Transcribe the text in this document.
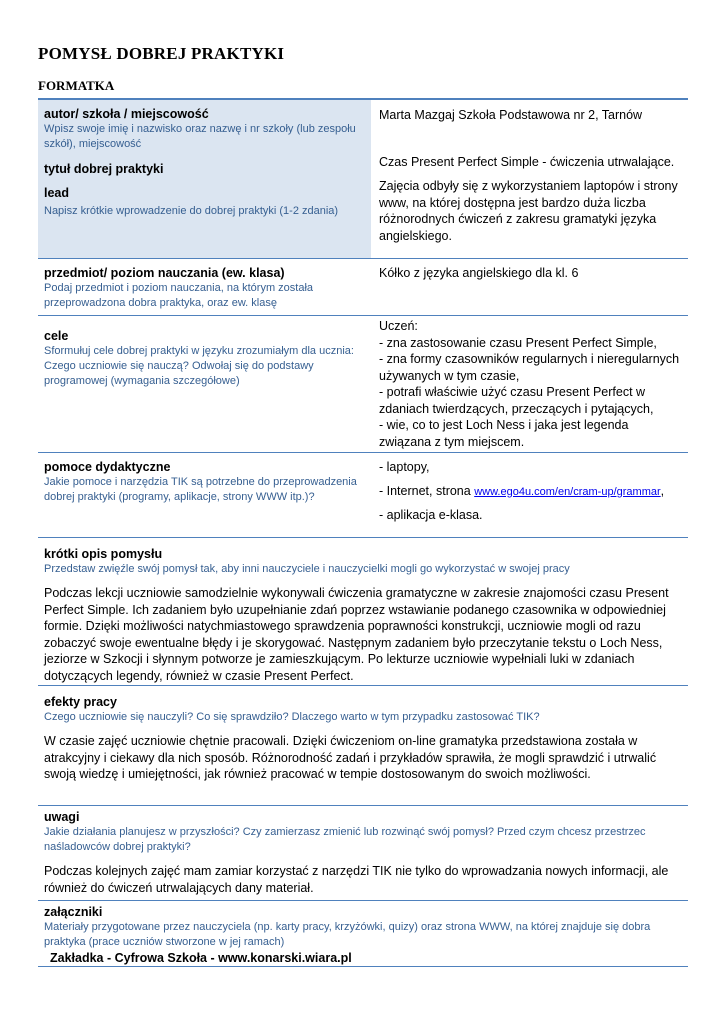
POMYSŁ DOBREJ PRAKTYKI
FORMATKA
autor/ szkoła / miejscowość
Wpisz swoje imię i nazwisko oraz nazwę i nr szkoły (lub zespołu szkół), miejscowość
tytuł dobrej praktyki
lead
Napisz krótkie wprowadzenie do dobrej praktyki (1-2 zdania)
Marta Mazgaj Szkoła Podstawowa nr 2, Tarnów
Czas Present Perfect Simple - ćwiczenia utrwalające.
Zajęcia odbyły się z wykorzystaniem laptopów i strony www, na której dostępna jest bardzo duża liczba różnorodnych ćwiczeń z zakresu gramatyki języka angielskiego.
przedmiot/ poziom nauczania (ew. klasa)
Podaj przedmiot i poziom nauczania, na którym została przeprowadzona dobra praktyka, oraz ew. klasę
Kółko z języka angielskiego dla kl. 6
cele
Sformułuj cele dobrej praktyki w języku zrozumiałym dla ucznia: Czego uczniowie się nauczą? Odwołaj się do podstawy programowej (wymagania szczegółowe)
Uczeń:
- zna zastosowanie czasu Present Perfect Simple,
- zna formy czasowników regularnych i nieregularnych używanych w tym czasie,
- potrafi właściwie użyć czasu Present Perfect w zdaniach twierdzących, przeczących i pytających,
- wie, co to jest Loch Ness i jaka jest legenda związana z tym miejscem.
pomoce dydaktyczne
Jakie pomoce i narzędzia TIK są potrzebne do przeprowadzenia dobrej praktyki (programy, aplikacje, strony WWW itp.)?
- laptopy,
- Internet, strona www.ego4u.com/en/cram-up/grammar,
- aplikacja e-klasa.
krótki opis pomysłu
Przedstaw zwięźle swój pomysł tak, aby inni nauczyciele i nauczycielki mogli go wykorzystać w swojej pracy
Podczas lekcji uczniowie samodzielnie wykonywali ćwiczenia gramatyczne w zakresie znajomości czasu Present Perfect Simple. Ich zadaniem było uzupełnianie zdań poprzez wstawianie podanego czasownika w odpowiedniej formie. Dzięki możliwości natychmiastowego sprawdzenia poprawności konstrukcji, uczniowie mogli od razu zobaczyć swoje ewentualne błędy i je skorygować. Następnym zadaniem było przeczytanie tekstu o Loch Ness, jeziorze w Szkocji i słynnym potworze je zamieszkującym. Po lekturze uczniowie wypełniali luki w zdaniach dotyczących legendy, również w czasie Present Perfect.
efekty pracy
Czego uczniowie się nauczyli? Co się sprawdziło? Dlaczego warto w tym przypadku zastosować TIK?
W czasie zajęć uczniowie chętnie pracowali. Dzięki ćwiczeniom on-line gramatyka przedstawiona została w atrakcyjny i ciekawy dla nich sposób. Różnorodność zadań i przykładów sprawiła, że mogli sprawdzić i utrwalić swoją wiedzę i umiejętności, jak również pracować w tempie dostosowanym do swoich możliwości.
uwagi
Jakie działania planujesz w przyszłości? Czy zamierzasz zmienić lub rozwinąć swój pomysł? Przed czym chcesz przestrzec naśladowców dobrej praktyki?
Podczas kolejnych zajęć mam zamiar korzystać z narzędzi TIK nie tylko do wprowadzania nowych informacji, ale również do ćwiczeń utrwalających dany materiał.
załączniki
Materiały przygotowane przez nauczyciela (np. karty pracy, krzyżówki, quizy) oraz strona WWW, na której znajduje się dobra praktyka (prace uczniów stworzone w jej ramach)
Zakładka - Cyfrowa Szkoła - www.konarski.wiara.pl
